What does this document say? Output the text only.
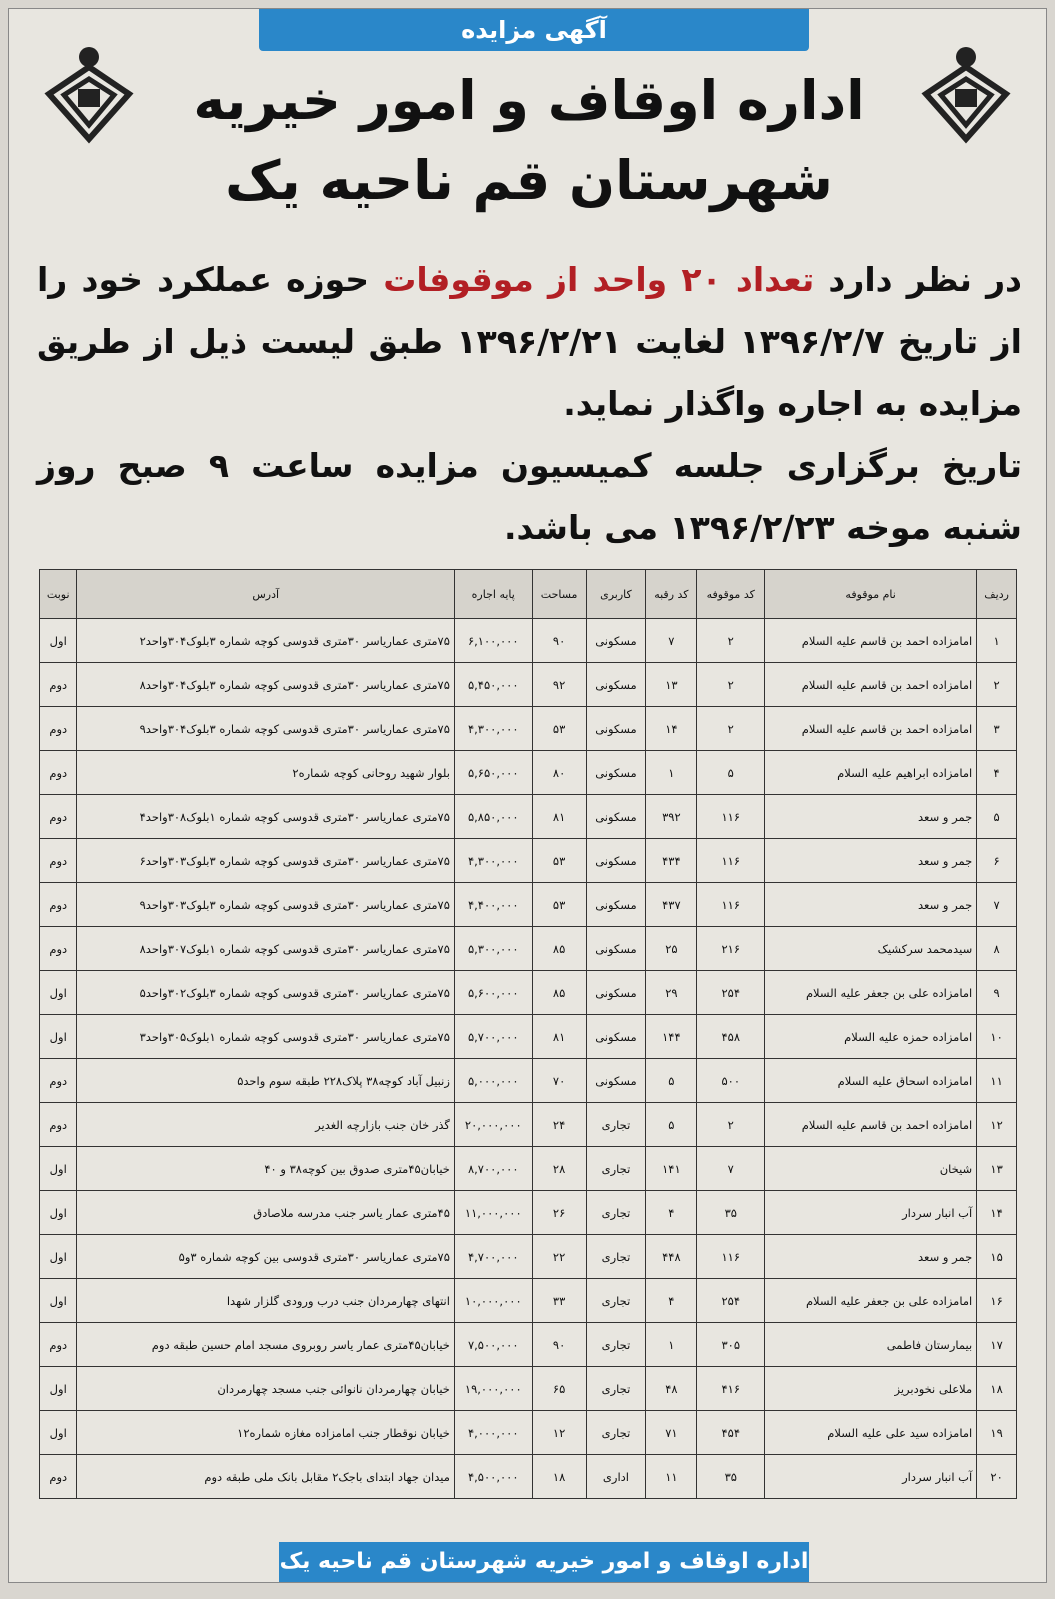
آگهی مزایده
اداره اوقاف و امور خیریه
شهرستان قم ناحیه یک
در نظر دارد تعداد ۲۰ واحد از موقوفات حوزه عملکرد خود را از تاریخ ۱۳۹۶/۲/۷ لغایت ۱۳۹۶/۲/۲۱ طبق لیست ذیل از طریق مزایده به اجاره واگذار نماید.
تاریخ برگزاری جلسه کمیسیون مزایده ساعت ۹ صبح روز شنبه موخه ۱۳۹۶/۲/۲۳ می باشد.
ردیف	نام موقوفه	کد موقوفه	کد رقبه	کاربری	مساحت	پایه اجاره	آدرس	نوبت
۱	امامزاده احمد بن قاسم علیه السلام	۲	۷	مسکونی	۹۰	۶,۱۰۰,۰۰۰	۷۵متری عمارياسر ۳۰متری قدوسی کوچه شماره ۳بلوک۳۰۴واحد۲	اول
۲	امامزاده احمد بن قاسم علیه السلام	۲	۱۳	مسکونی	۹۲	۵,۴۵۰,۰۰۰	۷۵متری عمارياسر ۳۰متری قدوسی کوچه شماره ۳بلوک۳۰۴واحد۸	دوم
۳	امامزاده احمد بن قاسم علیه السلام	۲	۱۴	مسکونی	۵۳	۴,۳۰۰,۰۰۰	۷۵متری عمارياسر ۳۰متری قدوسی کوچه شماره ۳بلوک۳۰۴واحد۹	دوم
۴	امامزاده ابراهیم علیه السلام	۵	۱	مسکونی	۸۰	۵,۶۵۰,۰۰۰	بلوار شهید روحانی کوچه شماره۲	دوم
۵	جمر و سعد	۱۱۶	۳۹۲	مسکونی	۸۱	۵,۸۵۰,۰۰۰	۷۵متری عمارياسر ۳۰متری قدوسی کوچه شماره ۱بلوک۳۰۸واحد۴	دوم
۶	جمر و سعد	۱۱۶	۴۳۴	مسکونی	۵۳	۴,۳۰۰,۰۰۰	۷۵متری عمارياسر ۳۰متری قدوسی کوچه شماره ۳بلوک۳۰۳واحد۶	دوم
۷	جمر و سعد	۱۱۶	۴۳۷	مسکونی	۵۳	۴,۴۰۰,۰۰۰	۷۵متری عمارياسر ۳۰متری قدوسی کوچه شماره ۳بلوک۳۰۳واحد۹	دوم
۸	سیدمحمد سرکشیک	۲۱۶	۲۵	مسکونی	۸۵	۵,۳۰۰,۰۰۰	۷۵متری عمارياسر ۳۰متری قدوسی کوچه شماره ۱بلوک۳۰۷واحد۸	دوم
۹	امامزاده علی بن جعفر علیه السلام	۲۵۴	۲۹	مسکونی	۸۵	۵,۶۰۰,۰۰۰	۷۵متری عمارياسر ۳۰متری قدوسی کوچه شماره ۳بلوک۳۰۲واحد۵	اول
۱۰	امامزاده حمزه علیه السلام	۴۵۸	۱۴۴	مسکونی	۸۱	۵,۷۰۰,۰۰۰	۷۵متری عمارياسر ۳۰متری قدوسی کوچه شماره ۱بلوک۳۰۵واحد۳	اول
۱۱	امامزاده اسحاق علیه السلام	۵۰۰	۵	مسکونی	۷۰	۵,۰۰۰,۰۰۰	زنبیل آباد کوچه۳۸ پلاک۲۲۸ طبقه سوم واحد۵	دوم
۱۲	امامزاده احمد بن قاسم علیه السلام	۲	۵	تجاری	۲۴	۲۰,۰۰۰,۰۰۰	گذر خان جنب بازارچه الغدیر	دوم
۱۳	شیخان	۷	۱۴۱	تجاری	۲۸	۸,۷۰۰,۰۰۰	خیابان۴۵متری صدوق بین کوچه۳۸ و ۴۰	اول
۱۴	آب انبار سردار	۳۵	۴	تجاری	۲۶	۱۱,۰۰۰,۰۰۰	۴۵متری عمار یاسر جنب مدرسه ملاصادق	اول
۱۵	جمر و سعد	۱۱۶	۴۴۸	تجاری	۲۲	۴,۷۰۰,۰۰۰	۷۵متری عمارياسر ۳۰متری قدوسی بین کوچه شماره ۳و۵	اول
۱۶	امامزاده علی بن جعفر علیه السلام	۲۵۴	۴	تجاری	۳۳	۱۰,۰۰۰,۰۰۰	انتهای چهارمردان جنب درب ورودی گلزار شهدا	اول
۱۷	بیمارستان فاطمی	۳۰۵	۱	تجاری	۹۰	۷,۵۰۰,۰۰۰	خیابان۴۵متری عمار یاسر روبروی مسجد امام حسین طبقه دوم	دوم
۱۸	ملاعلی نخودبریز	۴۱۶	۴۸	تجاری	۶۵	۱۹,۰۰۰,۰۰۰	خیابان چهارمردان نانوائی جنب مسجد چهارمردان	اول
۱۹	امامزاده سید علی علیه السلام	۴۵۴	۷۱	تجاری	۱۲	۴,۰۰۰,۰۰۰	خیابان نوقطار جنب امامزاده مغازه شماره۱۲	اول
۲۰	آب انبار سردار	۳۵	۱۱	اداری	۱۸	۴,۵۰۰,۰۰۰	میدان جهاد ابتدای باجک۲ مقابل بانک ملی طبقه دوم	دوم
اداره اوقاف و امور خیریه شهرستان قم ناحیه یک
